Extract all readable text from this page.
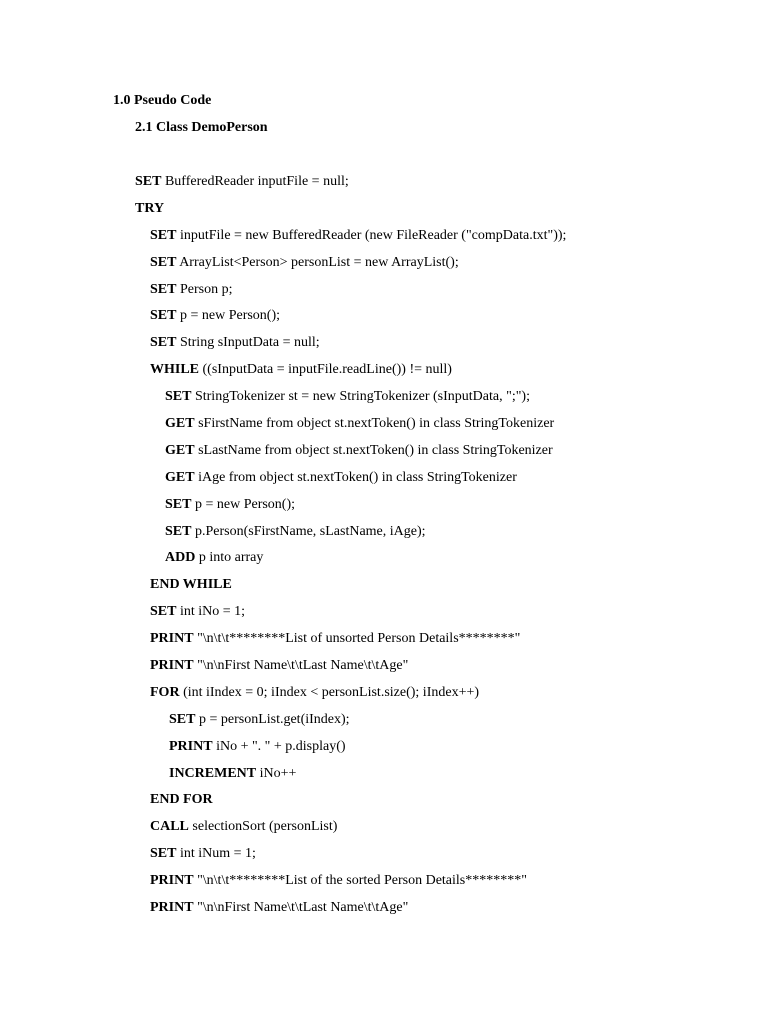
1.0 Pseudo Code
2.1 Class DemoPerson
SET BufferedReader inputFile = null;
TRY
SET inputFile = new BufferedReader (new FileReader ("compData.txt"));
SET ArrayList<Person> personList = new ArrayList();
SET Person p;
SET p = new Person();
SET String sInputData = null;
WHILE ((sInputData = inputFile.readLine()) != null)
SET StringTokenizer st = new StringTokenizer (sInputData, ";");
GET sFirstName from object st.nextToken() in class StringTokenizer
GET sLastName from object st.nextToken() in class StringTokenizer
GET iAge from object st.nextToken() in class StringTokenizer
SET p = new Person();
SET p.Person(sFirstName, sLastName, iAge);
ADD p into array
END WHILE
SET int iNo = 1;
PRINT "\n\t\t********List of unsorted Person Details********"
PRINT "\n\nFirst Name\t\tLast Name\t\tAge"
FOR (int iIndex = 0; iIndex < personList.size(); iIndex++)
SET p = personList.get(iIndex);
PRINT iNo + ". " + p.display()
INCREMENT iNo++
END FOR
CALL selectionSort (personList)
SET int iNum = 1;
PRINT "\n\t\t********List of the sorted Person Details********"
PRINT "\n\nFirst Name\t\tLast Name\t\tAge"
